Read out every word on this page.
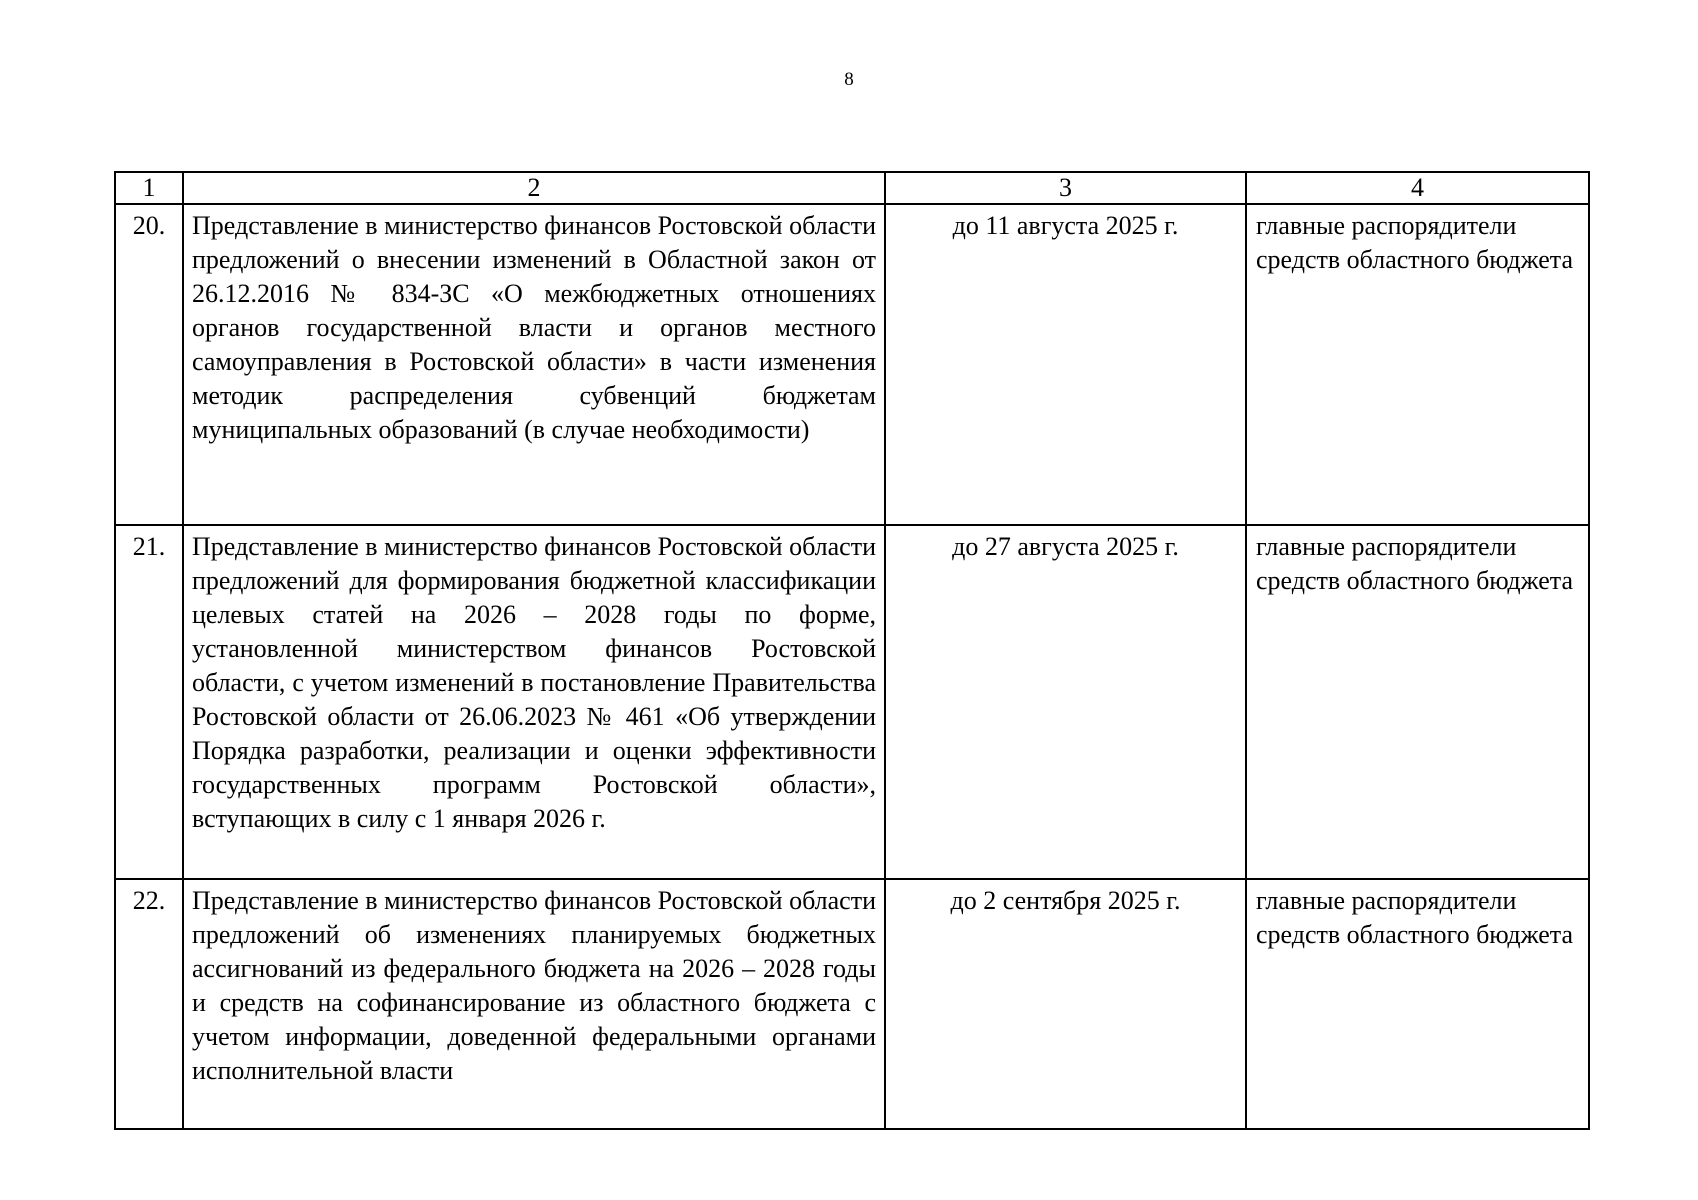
8
1	2	3	4
20.	Представление в министерство финансов Ростовской области предложений о внесении изменений в Областной закон от 26.12.2016 № 834-ЗС «О межбюджетных отношениях органов государственной власти и органов местного самоуправления в Ростовской области» в части изменения методик распределения субвенций бюджетам муниципальных образований (в случае необходимости)	до 11 августа 2025 г.	главные распорядители средств областного бюджета
21.	Представление в министерство финансов Ростовской области предложений для формирования бюджетной классификации целевых статей на 2026 – 2028 годы по форме, установленной министерством финансов Ростовской области, с учетом изменений в постановление Правительства Ростовской области от 26.06.2023 № 461 «Об утверждении Порядка разработки, реализации и оценки эффективности государственных программ Ростовской области», вступающих в силу с 1 января 2026 г.	до 27 августа 2025 г.	главные распорядители средств областного бюджета
22.	Представление в министерство финансов Ростовской области предложений об изменениях планируемых бюджетных ассигнований из федерального бюджета на 2026 – 2028 годы и средств на софинансирование из областного бюджета с учетом информации, доведенной федеральными органами исполнительной власти	до 2 сентября 2025 г.	главные распорядители средств областного бюджета
